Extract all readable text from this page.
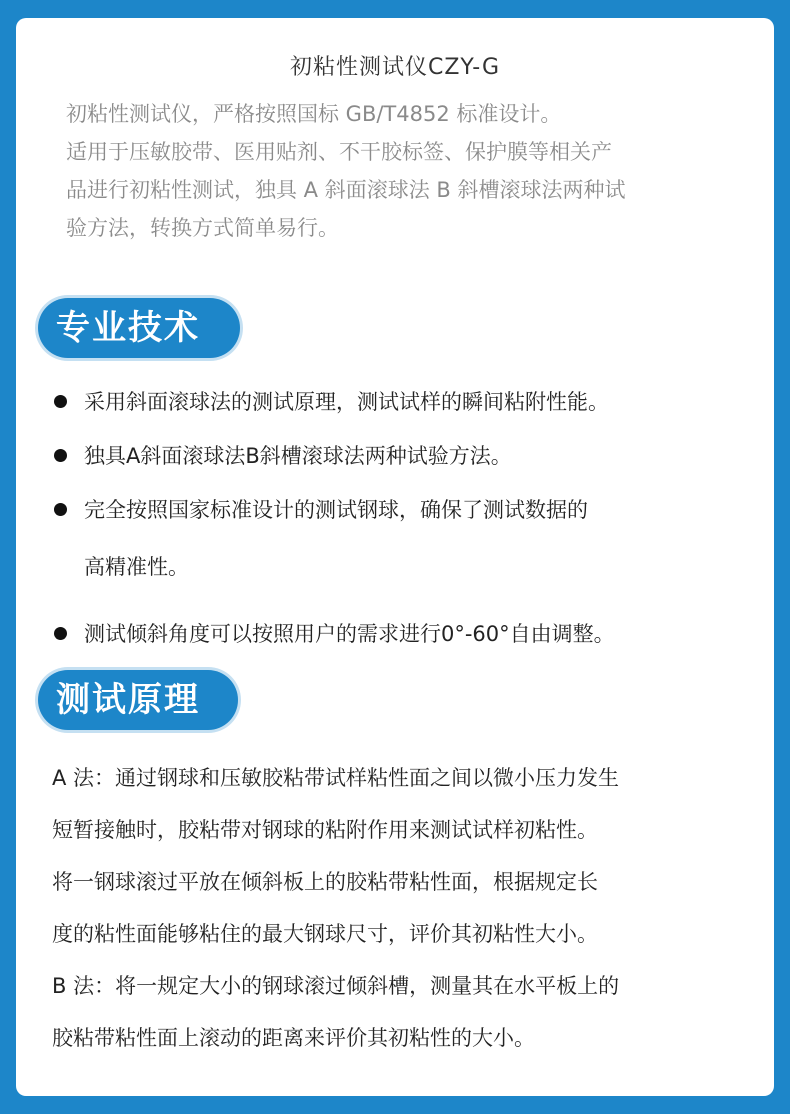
初粘性测试仪CZY-G

初粘性测试仪，严格按照国标 GB/T4852 标准设计。

适用于压敏胶带、医用贴剂、不干胶标签、保护膜等相关产

品进行初粘性测试，独具 A 斜面滚球法 B 斜槽滚球法两种试

验方法，转换方式简单易行。

专业技术
采用斜面滚球法的测试原理，测试试样的瞬间粘附性能。
独具A斜面滚球法B斜槽滚球法两种试验方法。
完全按照国家标准设计的测试钢球，确保了测试数据的
高精准性。
测试倾斜角度可以按照用户的需求进行0°-60°自由调整。
测试原理
A 法：通过钢球和压敏胶粘带试样粘性面之间以微小压力发生
短暂接触时，胶粘带对钢球的粘附作用来测试试样初粘性。
将一钢球滚过平放在倾斜板上的胶粘带粘性面，根据规定长
度的粘性面能够粘住的最大钢球尺寸，评价其初粘性大小。
B 法：将一规定大小的钢球滚过倾斜槽，测量其在水平板上的
胶粘带粘性面上滚动的距离来评价其初粘性的大小。
